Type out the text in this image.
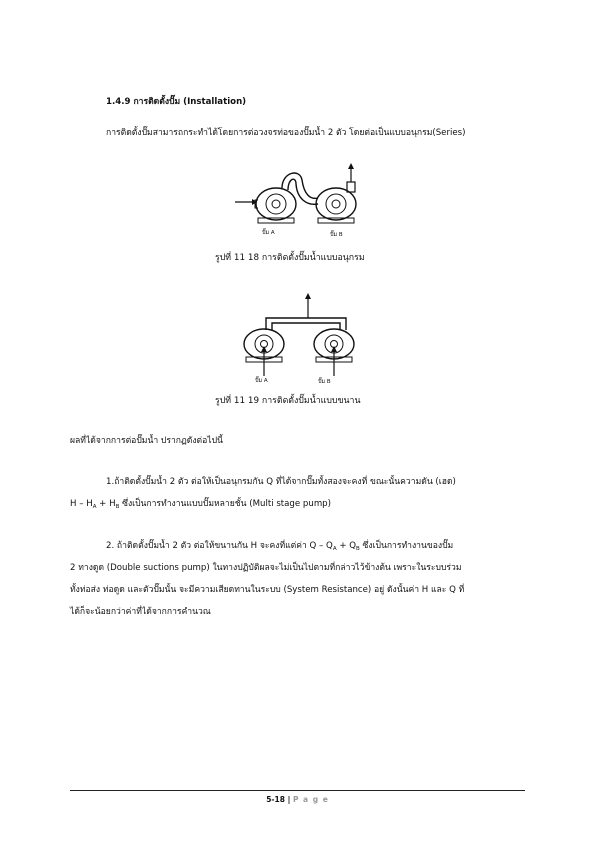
1.4.9 การติดตั้งปั๊ม (Installation)
การติดตั้งปั๊มสามารถกระทำได้โดยการต่อวงจรท่อของปั๊มน้ำ 2 ตัว โดยต่อเป็นแบบอนุกรม(Series)
ปั๊ม A	ปั๊ม B
รูปที่ 11 18 การติดตั้งปั๊มน้ำแบบอนุกรม
ปั๊ม A	ปั๊ม B
รูปที่ 11 19 การติดตั้งปั๊มน้ำแบบขนาน
ผลที่ได้จากการต่อปั๊มน้ำ ปรากฏดังต่อไปนี้
1.ถ้าติดตั้งปั๊มน้ำ 2 ตัว ต่อให้เป็นอนุกรมกัน Q ที่ได้จากปั๊มทั้งสองจะคงที่ ขณะนั้นความดัน (เฮด)
$H - H_A + H_B$ ซึ่งเป็นการทำงานแบบปั๊มหลายชั้น (Multi stage pump)
2. ถ้าติดตั้งปั๊มน้ำ 2 ตัว ต่อให้ขนานกัน H จะคงที่แต่ค่า $Q - Q_A + Q_B$ ซึ่งเป็นการทำงานของปั๊ม
2 ทางดูด (Double suctions pump) ในทางปฏิบัติผลจะไม่เป็นไปตามที่กล่าวไว้ข้างต้น เพราะในระบบร่วม
ทั้งท่อส่ง ท่อดูด และตัวปั๊มนั้น จะมีความเสียดทานในระบบ (System Resistance) อยู่ ดังนั้นค่า H และ Q ที่
ได้ก็จะน้อยกว่าค่าที่ได้จากการคำนวณ
5-18 | P a g e
